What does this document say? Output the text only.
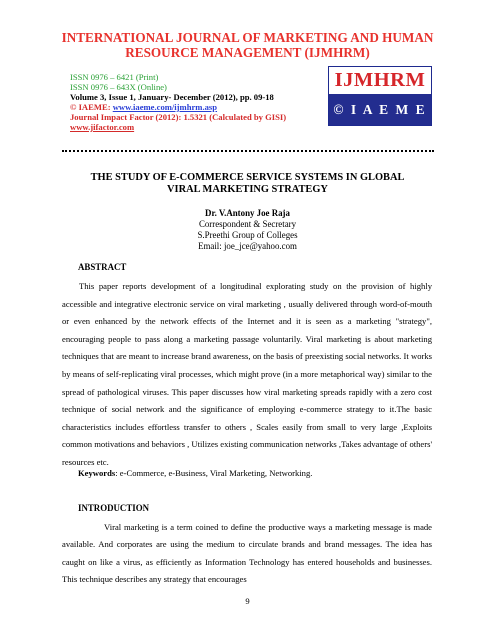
INTERNATIONAL JOURNAL OF MARKETING AND HUMAN
RESOURCE MANAGEMENT (IJMHRM)
ISSN 0976 – 6421 (Print)
ISSN 0976 – 643X (Online)
Volume 3, Issue 1, January- December (2012), pp. 09-18
© IAEME: www.iaeme.com/ijmhrm.asp
Journal Impact Factor (2012): 1.5321 (Calculated by GISI)
www.jifactor.com
IJMHRM
© I A E M E
THE STUDY OF E-COMMERCE SERVICE SYSTEMS IN GLOBAL
VIRAL MARKETING STRATEGY
Dr. V.Antony Joe Raja
Correspondent & Secretary
S.Preethi Group of Colleges
Email: joe_jce@yahoo.com
ABSTRACT
This paper reports development of a longitudinal explorating study on the provision of highly accessible and integrative electronic service on viral marketing , usually delivered through word-of-mouth or even enhanced by the network effects of the Internet and it is seen as a marketing "strategy", encouraging people to pass along a marketing passage voluntarily. Viral marketing is about marketing techniques that are meant to increase brand awareness, on the basis of preexisting social networks. It works by means of self-replicating viral processes, which might prove (in a more metaphorical way) similar to the spread of pathological viruses. This paper discusses how viral marketing spreads rapidly with a zero cost technique of social network and the significance of employing e-commerce strategy to it.The basic characteristics includes effortless transfer to others , Scales easily from small to very large ,Exploits common motivations and behaviors , Utilizes existing communication networks ,Takes advantage of others' resources etc.
Keywords: e-Commerce, e-Business, Viral Marketing, Networking.
INTRODUCTION
Viral marketing is a term coined to define the productive ways a marketing message is made available. And corporates are using the medium to circulate brands and brand messages. The idea has caught on like a virus, as efficiently as Information Technology has entered households and businesses. This technique describes any strategy that encourages
9
